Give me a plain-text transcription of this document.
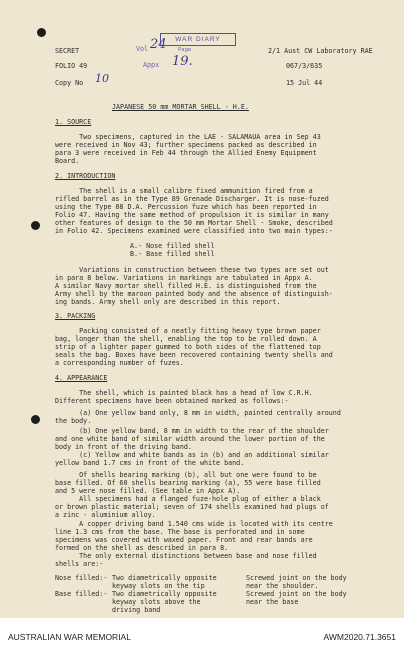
WAR DIARY
SECRET
FOLIO 49
Copy No 10
Vol 24 Page
Appx 19.
2/1 Aust CW Laboratory RAE
067/3/635
15 Jul 44
JAPANESE 50 mm MORTAR SHELL - H.E.
1. SOURCE
Two specimens, captured in the LAE - SALAMAUA area in Sep 43
were received in Nov 43; further specimens packed as described in
para 3 were received in Feb 44 through the Allied Enemy Equipment
Board.
2. INTRODUCTION
The shell is a small calibre fixed ammunition fired from a
rifled barrel as in the Type 89 Grenade Discharger. It is nose-fuzed
using the Type 88 D.A. Percussion fuze which has been reported in
Folio 47. Having the same method of propulsion it is similar in many
other features of design to the 50 mm Mortar Shell - Smoke, described
in Folio 42. Specimens examined were classified into two main types:-
A.- Nose filled shell
B.- Base filled shell
Variations in construction between these two types are set out
in para 8 below. Variations in markings are tabulated in Appx A.
A similar Navy mortar shell filled H.E. is distinguished from the
Army shell by the maroon painted body and the absence of distinguish-
ing bands. Army shell only are described in this report.
3. PACKING
Packing consisted of a neatly fitting heavy type brown paper
bag, longer than the shell, enabling the top to be rolled down. A
strip of a lighter paper gummed to both sides of the flattened top
seals the bag. Boxes have been recovered containing twenty shells and
a corresponding number of fuzes.
4. APPEARANCE
The shell, which is painted black has a head of low C.R.H.
Different specimens have been obtained marked as follows:-
(a) One yellow band only, 8 mm in width, painted centrally around
the body.
(b) One yellow band, 8 mm in width to the rear of the shoulder
and one white band of similar width around the lower portion of the
body in front of the driving band.
(c) Yellow and white bands as in (b) and an additional similar
yellow band 1.7 cms in front of the white band.
Of shells bearing marking (b), all but one were found to be
base filled. Of 60 shells bearing marking (a), 55 were base filled
and 5 were nose filled. (See table in Appx A).
All specimens had a flanged fuze-hole plug of either a black
or brown plastic material; seven of 174 shells examined had plugs of
a zinc - aluminium alloy.
A copper driving band 1.540 cms wide is located with its centre
line 1.3 cms from the base. The base is perforated and in some
specimens was covered with waxed paper. Front and rear bands are
formed on the shell as described in para 8.
The only external distinctions between base and nose filled
shells are:-
Nose filled:- Two diametrically opposite
keyway slots on the tip
Screwed joint on the body
near the shoulder.
Base filled:- Two diametrically opposite
keyway slots above the
driving band
Screwed joint on the body
near the base
AUSTRALIAN WAR MEMORIAL	AWM2020.71.3651
